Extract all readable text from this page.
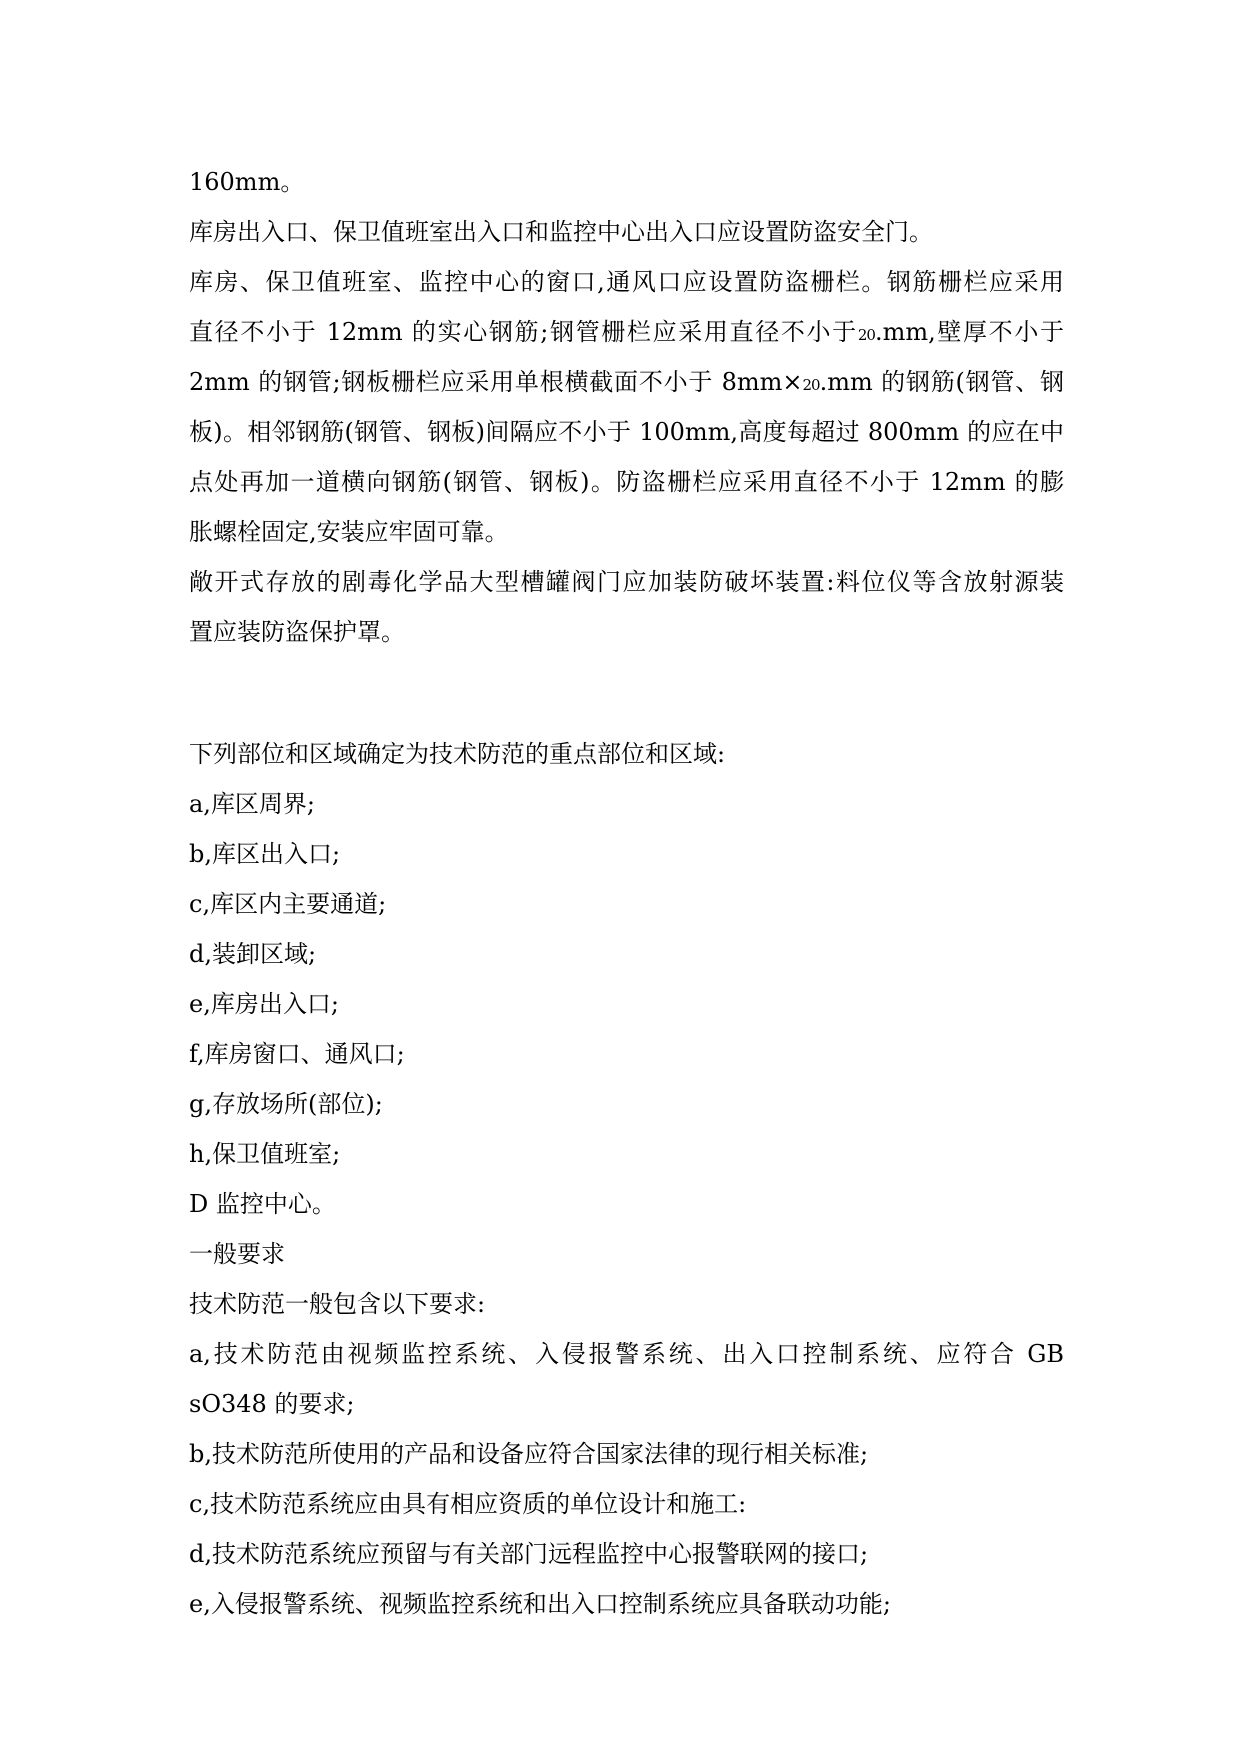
160mm。
库房出入口、保卫值班室出入口和监控中心出入口应设置防盗安全门。
库房、保卫值班室、监控中心的窗口,通风口应设置防盗栅栏。钢筋栅栏应采用
直径不小于 12mm 的实心钢筋;钢管栅栏应采用直径不小于20.mm,壁厚不小于
2mm 的钢管;钢板栅栏应采用单根横截面不小于 8mm×20.mm 的钢筋(钢管、钢
板)。相邻钢筋(钢管、钢板)间隔应不小于 100mm,高度每超过 800mm 的应在中
点处再加一道横向钢筋(钢管、钢板)。防盗栅栏应采用直径不小于 12mm 的膨
胀螺栓固定,安装应牢固可靠。
敞开式存放的剧毒化学品大型槽罐阀门应加装防破坏装置:料位仪等含放射源装
置应装防盗保护罩。
下列部位和区域确定为技术防范的重点部位和区域:
a,库区周界;
b,库区出入口;
c,库区内主要通道;
d,装卸区域;
e,库房出入口;
f,库房窗口、通风口;
g,存放场所(部位);
h,保卫值班室;
D 监控中心。
一般要求
技术防范一般包含以下要求:
a,技术防范由视频监控系统、入侵报警系统、出入口控制系统、应符合 GB
sO348 的要求;
b,技术防范所使用的产品和设备应符合国家法律的现行相关标准;
c,技术防范系统应由具有相应资质的单位设计和施工:
d,技术防范系统应预留与有关部门远程监控中心报警联网的接口;
e,入侵报警系统、视频监控系统和出入口控制系统应具备联动功能;
